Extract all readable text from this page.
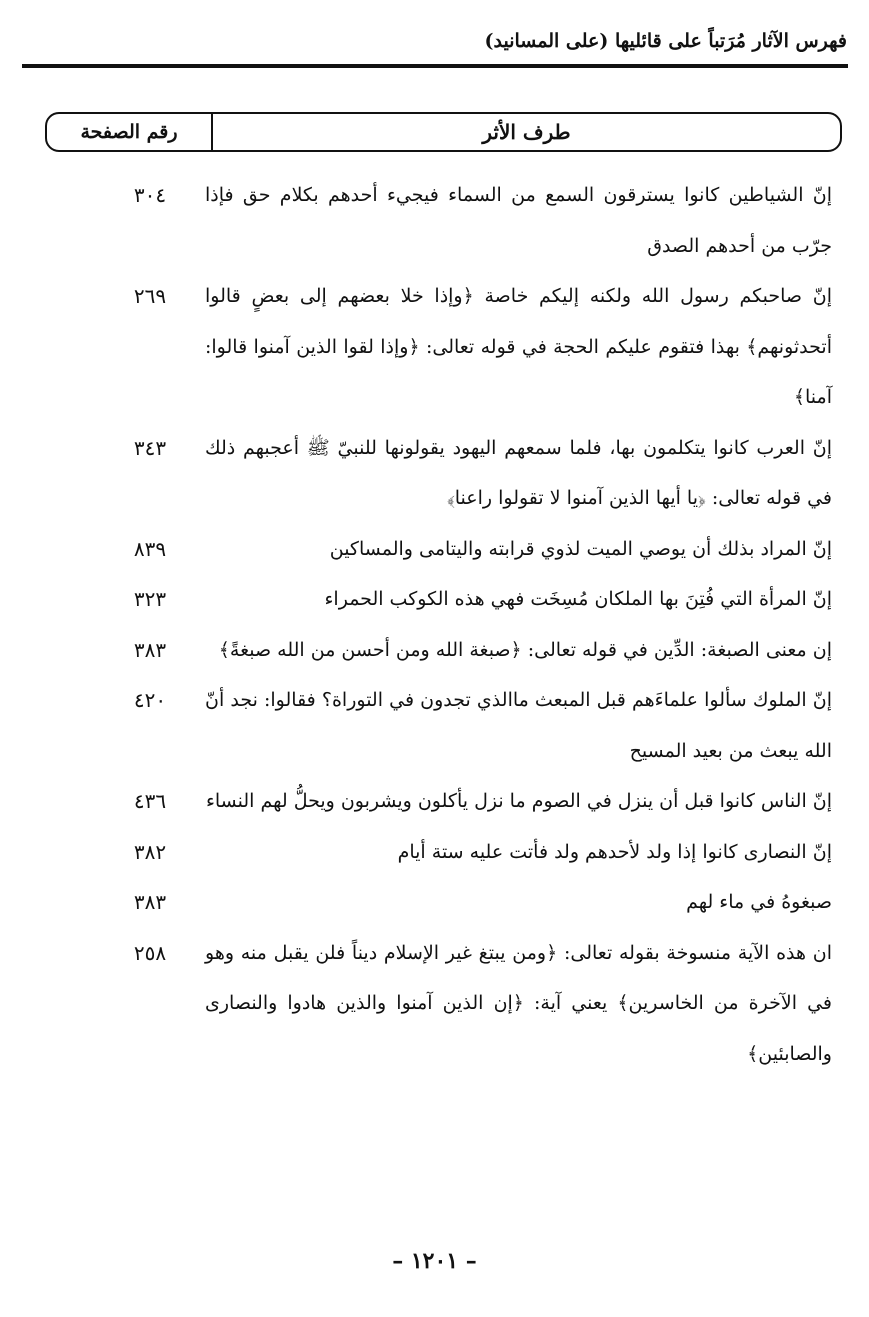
فهرس الآثار مُرَتباً على قائليها (على المسانيد)
طرف الأثر
رقم الصفحة
إنّ الشياطين كانوا يسترقون السمع من السماء فيجيء أحدهم بكلام حق فإذا جرّب من أحدهم الصدق
٣٠٤
إنّ صاحبكم رسول الله ولكنه إليكم خاصة ﴿وإذا خلا بعضهم إلى بعضٍ قالوا أتحدثونهم﴾ بهذا فتقوم عليكم الحجة في قوله تعالى: ﴿وإذا لقوا الذين آمنوا قالوا: آمنا﴾
٢٦٩
إنّ العرب كانوا يتكلمون بها، فلما سمعهم اليهود يقولونها للنبيّ ﷺ أعجبهم ذلك في قوله تعالى: ﴿يا أيها الذين آمنوا لا تقولوا راعنا﴾
٣٤٣
إنّ المراد بذلك أن يوصي الميت لذوي قرابته واليتامى والمساكين
٨٣٩
إنّ المرأة التي فُتِنَ بها الملكان مُسِخَت فهي هذه الكوكب الحمراء
٣٢٣
إن معنى الصبغة: الدِّين في قوله تعالى: ﴿صبغة الله ومن أحسن من الله صبغةً﴾
٣٨٣
إنّ الملوك سألوا علماءَهم قبل المبعث ماالذي تجدون في التوراة؟ فقالوا: نجد أنّ الله يبعث من بعيد المسيح
٤٢٠
إنّ الناس كانوا قبل أن ينزل في الصوم ما نزل يأكلون ويشربون ويحلُّ لهم النساء
٤٣٦
إنّ النصارى كانوا إذا ولد لأحدهم ولد فأتت عليه ستة أيام
٣٨٢
صبغوهُ في ماء لهم
٣٨٣
ان هذه الآية منسوخة بقوله تعالى: ﴿ومن يبتغ غير الإسلام ديناً فلن يقبل منه وهو في الآخرة من الخاسرين﴾ يعني آية: ﴿إن الذين آمنوا والذين هادوا والنصارى والصابئين﴾
٢٥٨
– ١٢٠١ –
